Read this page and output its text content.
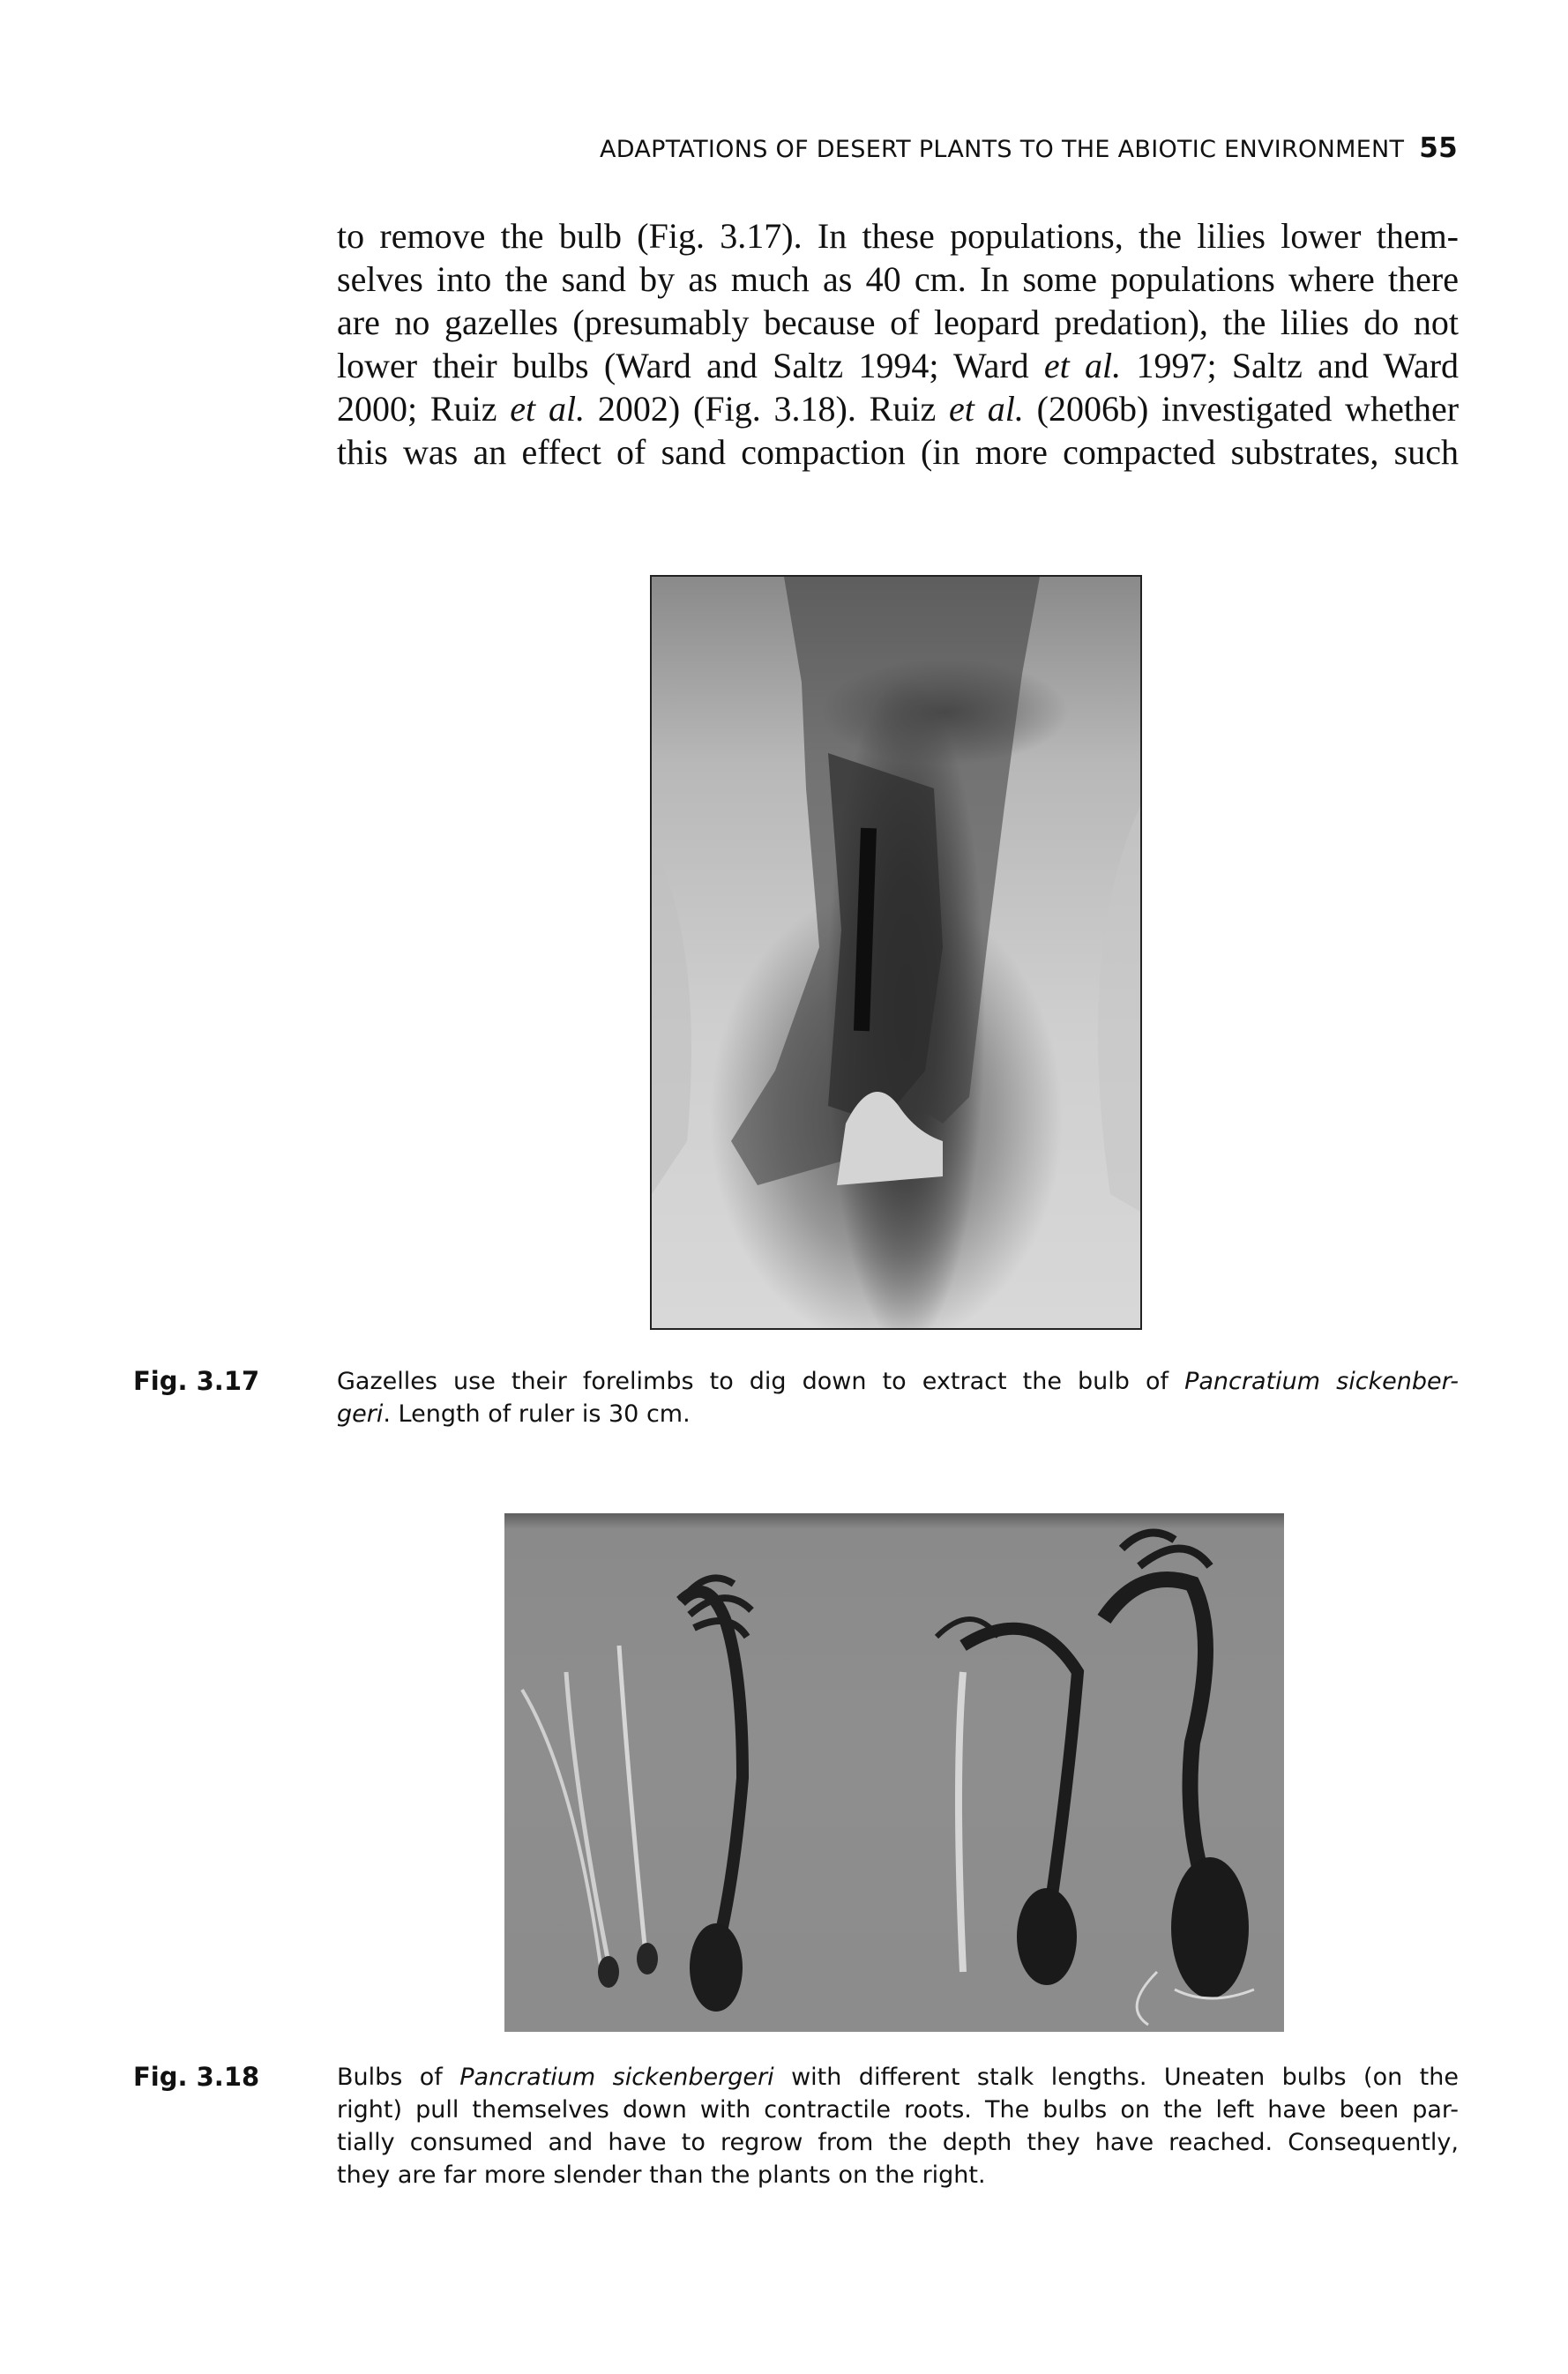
ADAPTATIONS OF DESERT PLANTS TO THE ABIOTIC ENVIRONMENT 55
to remove the bulb (Fig. 3.17). In these populations, the lilies lower them-
selves into the sand by as much as 40 cm. In some populations where there
are no gazelles (presumably because of leopard predation), the lilies do not
lower their bulbs (Ward and Saltz 1994; Ward et al. 1997; Saltz and Ward
2000; Ruiz et al. 2002) (Fig. 3.18). Ruiz et al. (2006b) investigated whether
this was an effect of sand compaction (in more compacted substrates, such
Fig. 3.17	Gazelles use their forelimbs to dig down to extract the bulb of Pancratium sickenber-
geri. Length of ruler is 30 cm.
Fig. 3.18	Bulbs of Pancratium sickenbergeri with different stalk lengths. Uneaten bulbs (on the
right) pull themselves down with contractile roots. The bulbs on the left have been par-
tially consumed and have to regrow from the depth they have reached. Consequently,
they are far more slender than the plants on the right.
